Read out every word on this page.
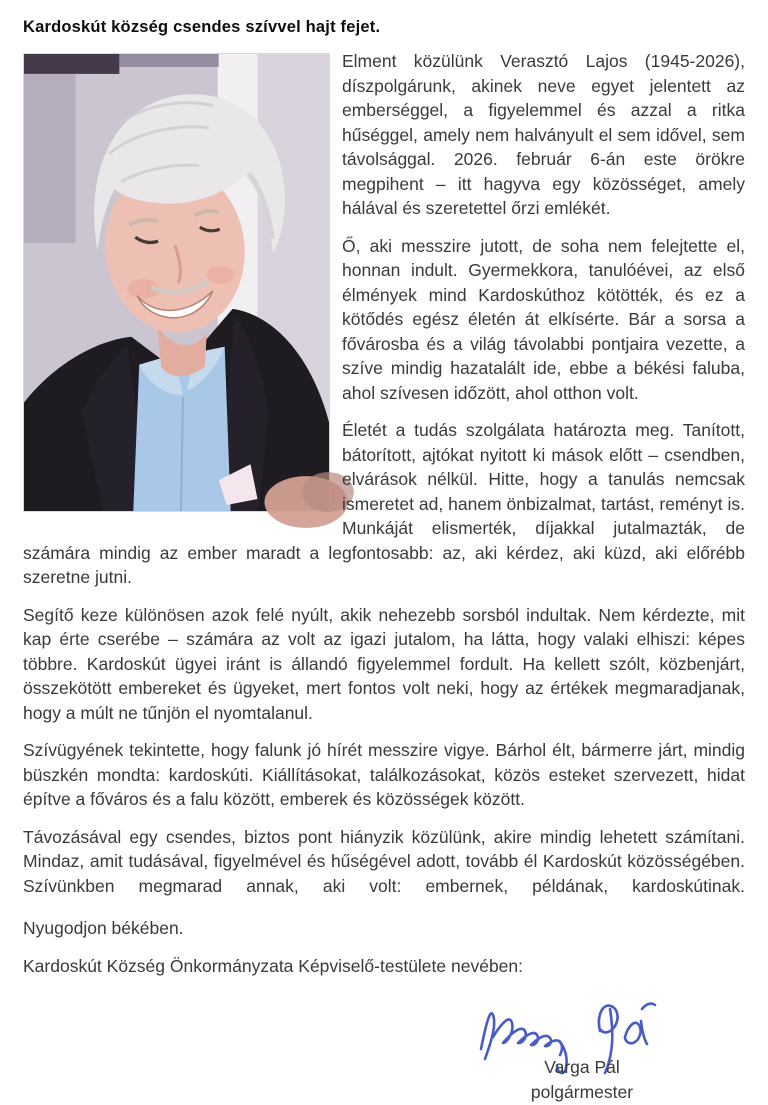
Kardoskút község csendes szívvel hajt fejet.

Elment közülünk Verasztó Lajos (1945-2026), díszpolgárunk, akinek neve egyet jelentett az emberséggel, a figyelemmel és azzal a ritka hűséggel, amely nem halványult el sem idővel, sem távolsággal. 2026. február 6-án este örökre megpihent – itt hagyva egy közösséget, amely hálával és szeretettel őrzi emlékét.

Ő, aki messzire jutott, de soha nem felejtette el, honnan indult. Gyermekkora, tanulóévei, az első élmények mind Kardoskúthoz kötötték, és ez a kötődés egész életén át elkísérte. Bár a sorsa a fővárosba és a világ távolabbi pontjaira vezette, a szíve mindig hazatalált ide, ebbe a békési faluba, ahol szívesen időzött, ahol otthon volt.

Életét a tudás szolgálata határozta meg. Tanított, bátorított, ajtókat nyitott ki mások előtt – csendben, elvárások nélkül. Hitte, hogy a tanulás nemcsak ismeretet ad, hanem önbizalmat, tartást, reményt is. Munkáját elismerték, díjakkal jutalmazták, de számára mindig az ember maradt a legfontosabb: az, aki kérdez, aki küzd, aki előrébb szeretne jutni.

Segítő keze különösen azok felé nyúlt, akik nehezebb sorsból indultak. Nem kérdezte, mit kap érte cserébe – számára az volt az igazi jutalom, ha látta, hogy valaki elhiszi: képes többre. Kardoskút ügyei iránt is állandó figyelemmel fordult. Ha kellett szólt, közbenjárt, összekötött embereket és ügyeket, mert fontos volt neki, hogy az értékek megmaradjanak, hogy a múlt ne tűnjön el nyomtalanul.

Szívügyének tekintette, hogy falunk jó hírét messzire vigye. Bárhol élt, bármerre járt, mindig büszkén mondta: kardoskúti. Kiállításokat, találkozásokat, közös esteket szervezett, hidat építve a főváros és a falu között, emberek és közösségek között.

Távozásával egy csendes, biztos pont hiányzik közülünk, akire mindig lehetett számítani. Mindaz, amit tudásával, figyelmével és hűségével adott, tovább él Kardoskút közösségében. Szívünkben megmarad annak, aki volt: embernek, példának, kardoskútinak.

Nyugodjon békében.

Kardoskút Község Önkormányzata Képviselő-testülete nevében:

Varga Pál
polgármester
